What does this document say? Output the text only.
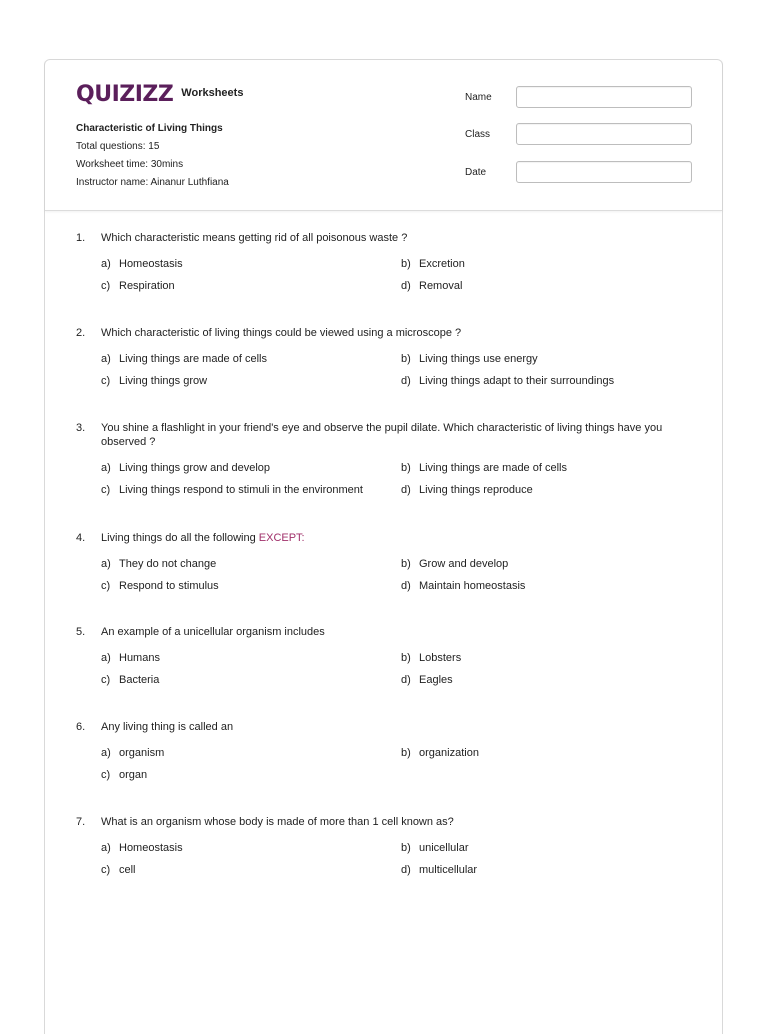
QUIZIZZ Worksheets
Characteristic of Living Things
Total questions: 15
Worksheet time: 30mins
Instructor name: Ainanur Luthfiana
Name
Class
Date
1.	Which characteristic means getting rid of all poisonous waste ?
a) Homeostasis	b) Excretion
c) Respiration	d) Removal
2.	Which characteristic of living things could be viewed using a microscope ?
a) Living things are made of cells	b) Living things use energy
c) Living things grow	d) Living things adapt to their surroundings
3.	You shine a flashlight in your friend's eye and observe the pupil dilate. Which characteristic of living things have you observed ?
a) Living things grow and develop	b) Living things are made of cells
c) Living things respond to stimuli in the environment	d) Living things reproduce
4.	Living things do all the following EXCEPT:
a) They do not change	b) Grow and develop
c) Respond to stimulus	d) Maintain homeostasis
5.	An example of a unicellular organism includes
a) Humans	b) Lobsters
c) Bacteria	d) Eagles
6.	Any living thing is called an
a) organism	b) organization
c) organ
7.	What is an organism whose body is made of more than 1 cell known as?
a) Homeostasis	b) unicellular
c) cell	d) multicellular
